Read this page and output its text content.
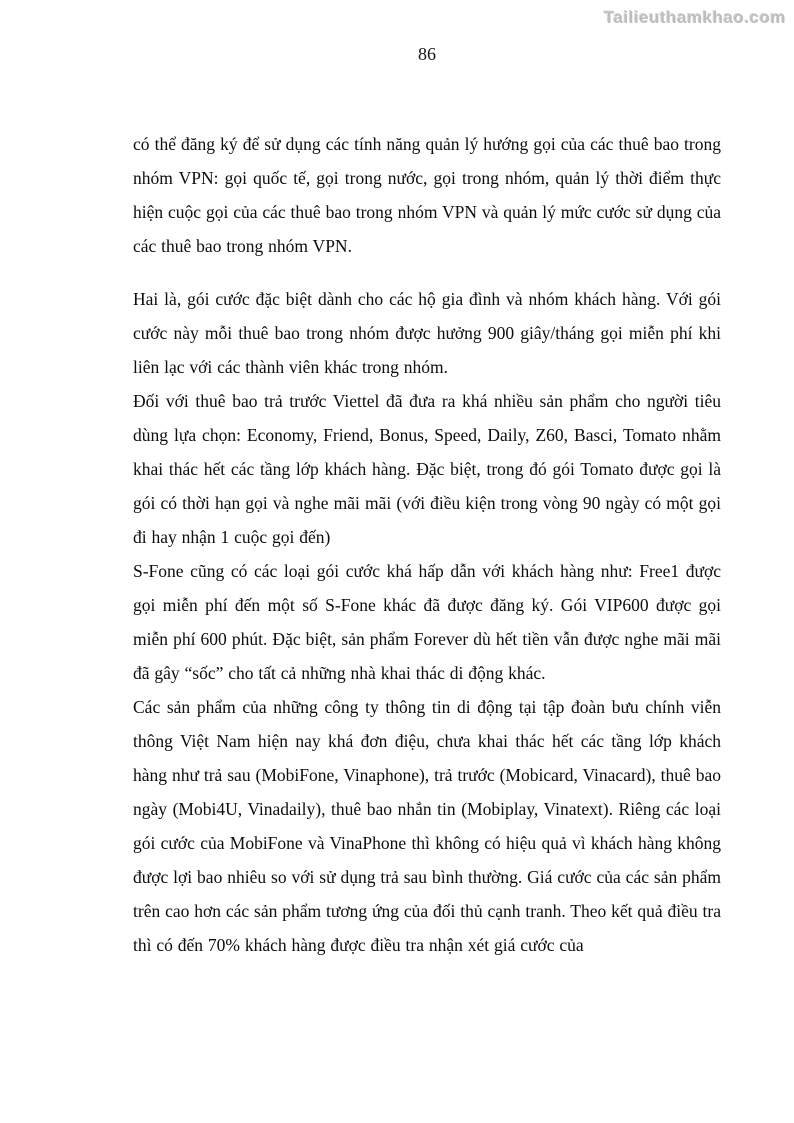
Tailieuthamkhao.com
86

có thể đăng ký để sử dụng các tính năng quản lý hướng gọi của các thuê bao trong nhóm VPN: gọi quốc tế, gọi trong nước, gọi trong nhóm, quản lý thời điểm thực hiện cuộc gọi của các thuê bao trong nhóm VPN và quản lý mức cước sử dụng của các thuê bao trong nhóm VPN.

Hai là, gói cước đặc biệt dành cho các hộ gia đình và nhóm khách hàng. Với gói cước này mỗi thuê bao trong nhóm được hưởng 900 giây/tháng gọi miễn phí khi liên lạc với các thành viên khác trong nhóm.

Đối với thuê bao trả trước Viettel đã đưa ra khá nhiều sản phẩm cho người tiêu dùng lựa chọn: Economy, Friend, Bonus, Speed, Daily, Z60, Basci, Tomato nhằm khai thác hết các tầng lớp khách hàng. Đặc biệt, trong đó gói Tomato được gọi là gói có thời hạn gọi và nghe mãi mãi (với điều kiện trong vòng 90 ngày có một gọi đi hay nhận 1 cuộc gọi đến)

S-Fone cũng có các loại gói cước khá hấp dẫn với khách hàng như: Free1 được gọi miễn phí đến một số S-Fone khác đã được đăng ký. Gói VIP600 được gọi miễn phí 600 phút. Đặc biệt, sản phẩm Forever dù hết tiền vẫn được nghe mãi mãi đã gây “sốc” cho tất cả những nhà khai thác di động khác.

Các sản phẩm của những công ty thông tin di động tại tập đoàn bưu chính viễn thông Việt Nam hiện nay khá đơn điệu, chưa khai thác hết các tầng lớp khách hàng như trả sau (MobiFone, Vinaphone), trả trước (Mobicard, Vinacard), thuê bao ngày (Mobi4U, Vinadaily), thuê bao nhắn tin (Mobiplay, Vinatext). Riêng các loại gói cước của MobiFone và VinaPhone thì không có hiệu quả vì khách hàng không được lợi bao nhiêu so với sử dụng trả sau bình thường. Giá cước của các sản phẩm trên cao hơn các sản phẩm tương ứng của đối thủ cạnh tranh. Theo kết quả điều tra thì có đến 70% khách hàng được điều tra nhận xét giá cước của
